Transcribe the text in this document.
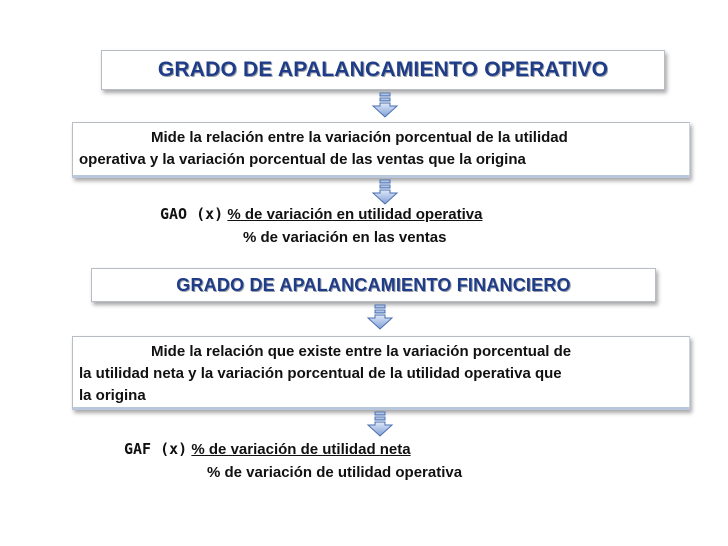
GRADO DE APALANCAMIENTO OPERATIVO
Mide la relación entre la variación porcentual de la utilidad
operativa y la variación porcentual de las ventas que la origina
GAO (x) % de variación en utilidad operativa
% de variación en las ventas
GRADO DE APALANCAMIENTO FINANCIERO
Mide la relación que existe entre la variación porcentual de
la utilidad neta y la variación porcentual de la utilidad operativa que
la origina
GAF (x) % de variación de utilidad neta
% de variación de utilidad operativa
